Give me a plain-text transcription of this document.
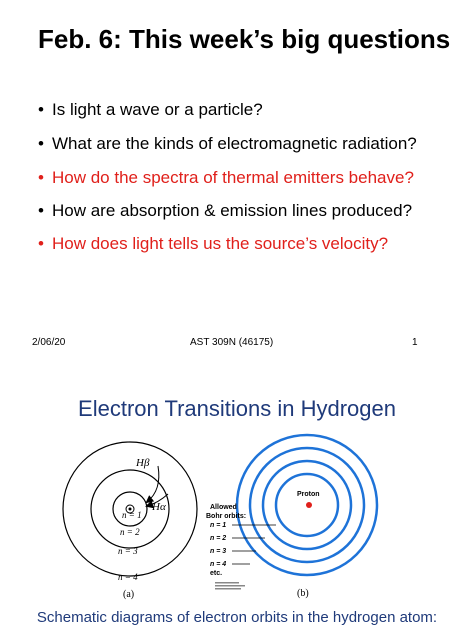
Feb. 6: This week’s big questions
• Is light a wave or a particle?
• What are the kinds of electromagnetic radiation?
• How do the spectra of thermal emitters behave?
• How are absorption & emission lines produced?
• How does light tells us the source’s velocity?
2/06/20	AST 309N (46175)	1
Electron Transitions in Hydrogen
Hβ
Hα
n = 1
n = 2
n = 3
n = 4
(a)
Proton
Allowed
Bohr orbits:
n = 1
n = 2
n = 3
n = 4
etc.
(b)
Schematic diagrams of electron orbits in the hydrogen atom:
